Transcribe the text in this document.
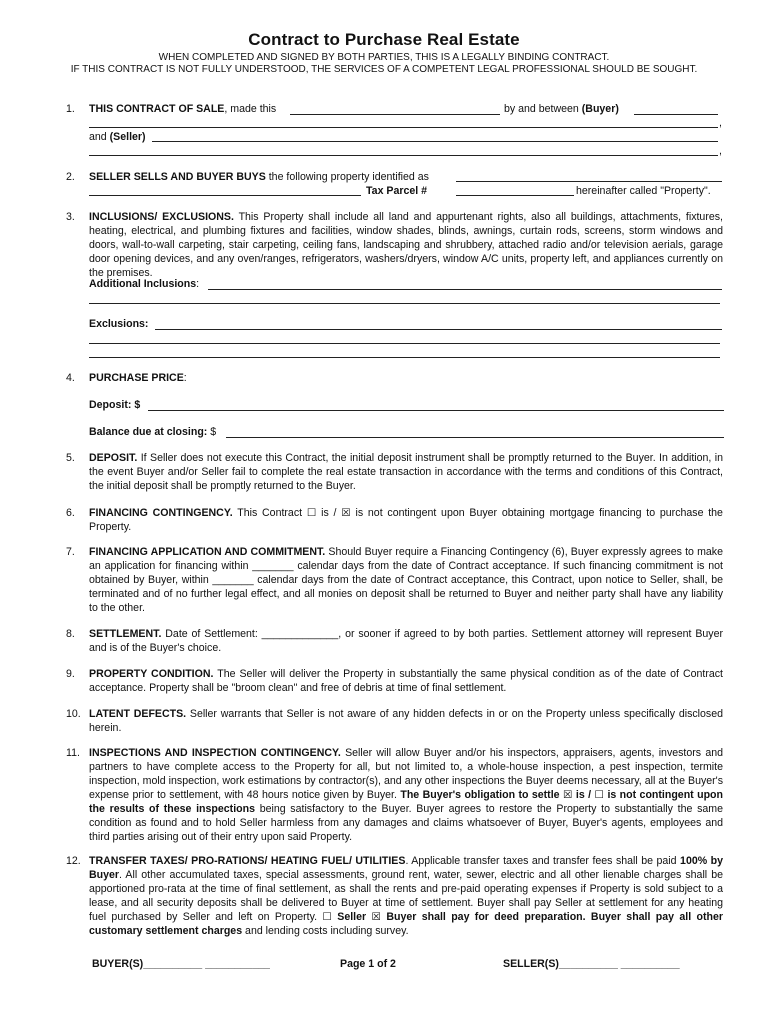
Contract to Purchase Real Estate
WHEN COMPLETED AND SIGNED BY BOTH PARTIES, THIS IS A LEGALLY BINDING CONTRACT.
IF THIS CONTRACT IS NOT FULLY UNDERSTOOD, THE SERVICES OF A COMPETENT LEGAL PROFESSIONAL SHOULD BE SOUGHT.
1.	THIS CONTRACT OF SALE, made this	by and between (Buyer)
,
and (Seller)
,
2.	SELLER SELLS AND BUYER BUYS the following property identified as
Tax Parcel #	hereinafter called "Property".
3.	INCLUSIONS/ EXCLUSIONS. This Property shall include all land and appurtenant rights, also all buildings, attachments, fixtures, heating, electrical, and plumbing fixtures and facilities, window shades, blinds, awnings, curtain rods, screens, storm windows and doors, wall-to-wall carpeting, stair carpeting, ceiling fans, landscaping and shrubbery, attached radio and/or television aerials, garage door opening devices, and any oven/ranges, refrigerators, washers/dryers, window A/C units, property left, and appliances currently on the premises.
Additional Inclusions:
Exclusions:
4.	PURCHASE PRICE:
Deposit: $
Balance due at closing: $
5.	DEPOSIT. If Seller does not execute this Contract, the initial deposit instrument shall be promptly returned to the Buyer. In addition, in the event Buyer and/or Seller fail to complete the real estate transaction in accordance with the terms and conditions of this Contract, the initial deposit shall be promptly returned to the Buyer.
6.	FINANCING CONTINGENCY. This Contract ☐ is / ☒ is not contingent upon Buyer obtaining mortgage financing to purchase the Property.
7.	FINANCING APPLICATION AND COMMITMENT. Should Buyer require a Financing Contingency (6), Buyer expressly agrees to make an application for financing within _______ calendar days from the date of Contract acceptance. If such financing commitment is not obtained by Buyer, within _______ calendar days from the date of Contract acceptance, this Contract, upon notice to Seller, shall, be terminated and of no further legal effect, and all monies on deposit shall be returned to Buyer and neither party shall have any liability to the other.
8.	SETTLEMENT. Date of Settlement: _____________, or sooner if agreed to by both parties. Settlement attorney will represent Buyer and is of the Buyer's choice.
9.	PROPERTY CONDITION. The Seller will deliver the Property in substantially the same physical condition as of the date of Contract acceptance. Property shall be "broom clean" and free of debris at time of final settlement.
10. LATENT DEFECTS. Seller warrants that Seller is not aware of any hidden defects in or on the Property unless specifically disclosed herein.
11. INSPECTIONS AND INSPECTION CONTINGENCY. Seller will allow Buyer and/or his inspectors, appraisers, agents, investors and partners to have complete access to the Property for all, but not limited to, a whole-house inspection, a pest inspection, termite inspection, mold inspection, work estimations by contractor(s), and any other inspections the Buyer deems necessary, all at the Buyer's expense prior to settlement, with 48 hours notice given by Buyer. The Buyer's obligation to settle ☒ is / ☐ is not contingent upon the results of these inspections being satisfactory to the Buyer. Buyer agrees to restore the Property to substantially the same condition as found and to hold Seller harmless from any damages and claims whatsoever of Buyer, Buyer's agents, employees and third parties arising out of their entry upon said Property.
12. TRANSFER TAXES/ PRO-RATIONS/ HEATING FUEL/ UTILITIES. Applicable transfer taxes and transfer fees shall be paid 100% by Buyer. All other accumulated taxes, special assessments, ground rent, water, sewer, electric and all other lienable charges shall be apportioned pro-rata at the time of final settlement, as shall the rents and pre-paid operating expenses if Property is sold subject to a lease, and all security deposits shall be delivered to Buyer at time of settlement. Buyer shall pay Seller at settlement for any heating fuel purchased by Seller and left on Property. ☐ Seller ☒ Buyer shall pay for deed preparation. Buyer shall pay all other customary settlement charges and lending costs including survey.
BUYER(S)__________ ___________	Page 1 of 2	SELLER(S)__________ __________
